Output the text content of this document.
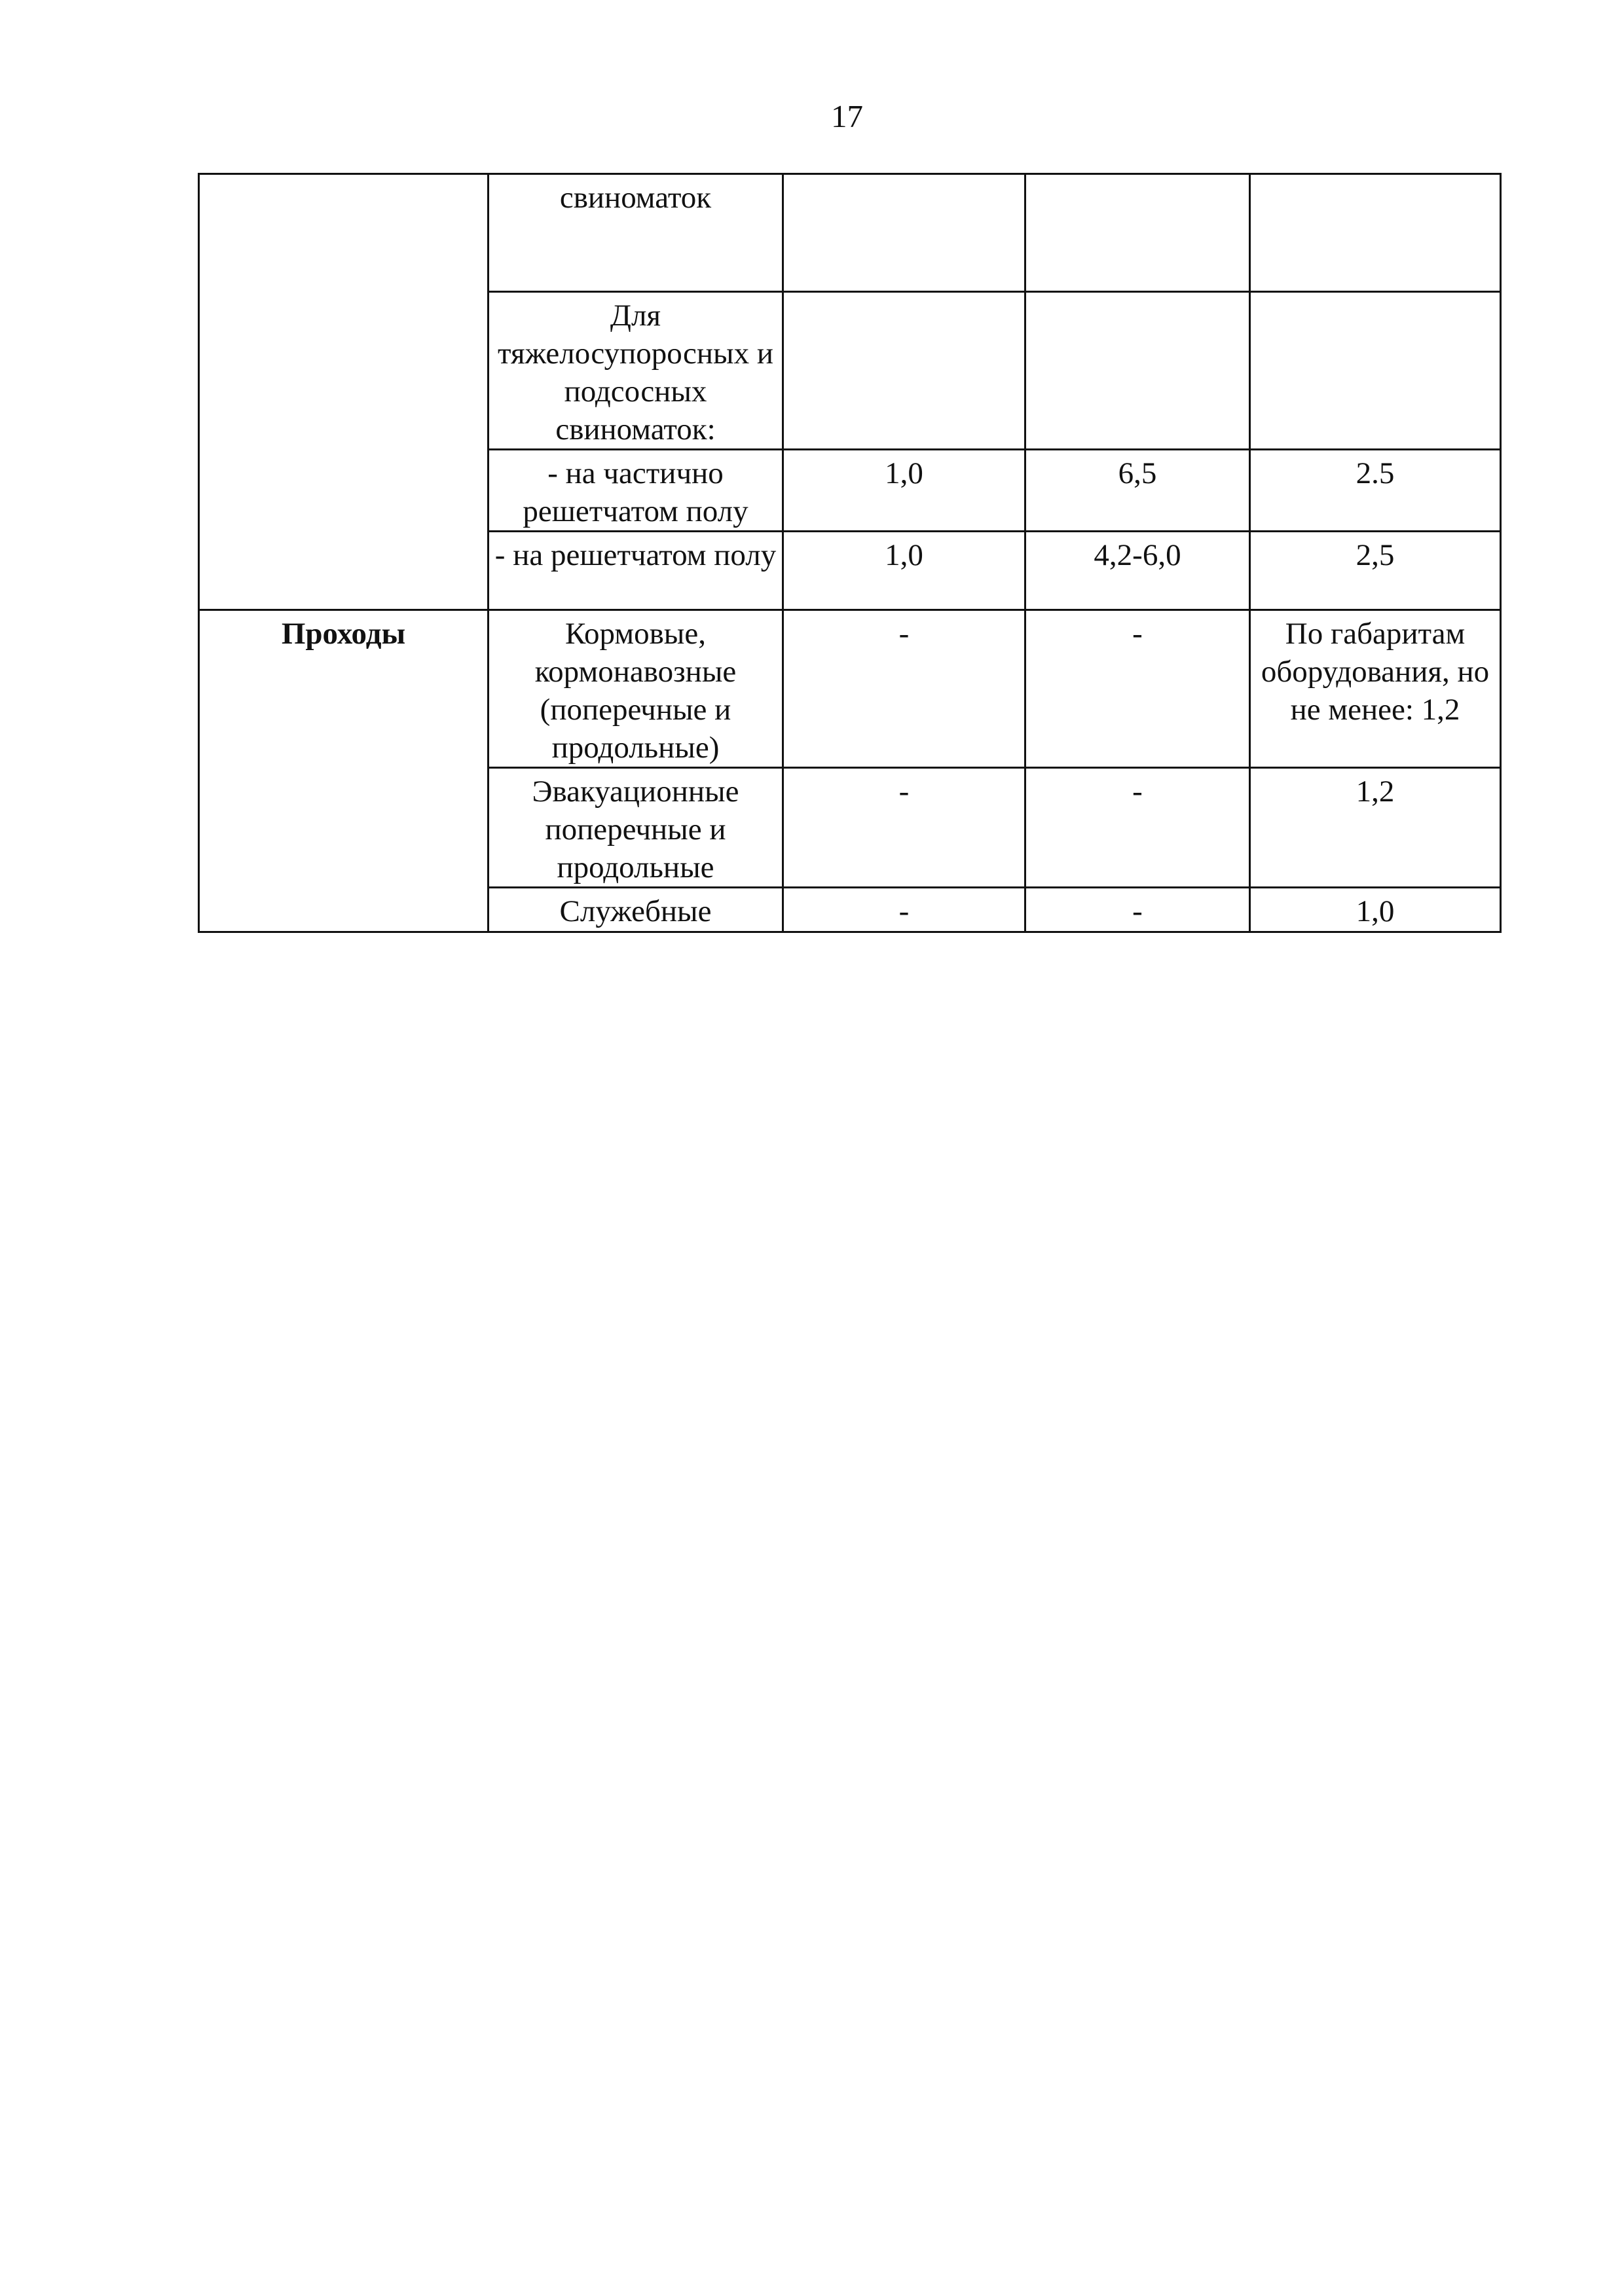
17
	свиноматок			
	Для тяжелосупоросных и подсосных свиноматок:			
	- на частично решетчатом полу	1,0	6,5	2.5
	- на решетчатом полу	1,0	4,2-6,0	2,5
Проходы	Кормовые, кормонавозные (поперечные и продольные)	-	-	По габаритам оборудования, но не менее: 1,2
	Эвакуационные поперечные и продольные	-	-	1,2
	Служебные	-	-	1,0
